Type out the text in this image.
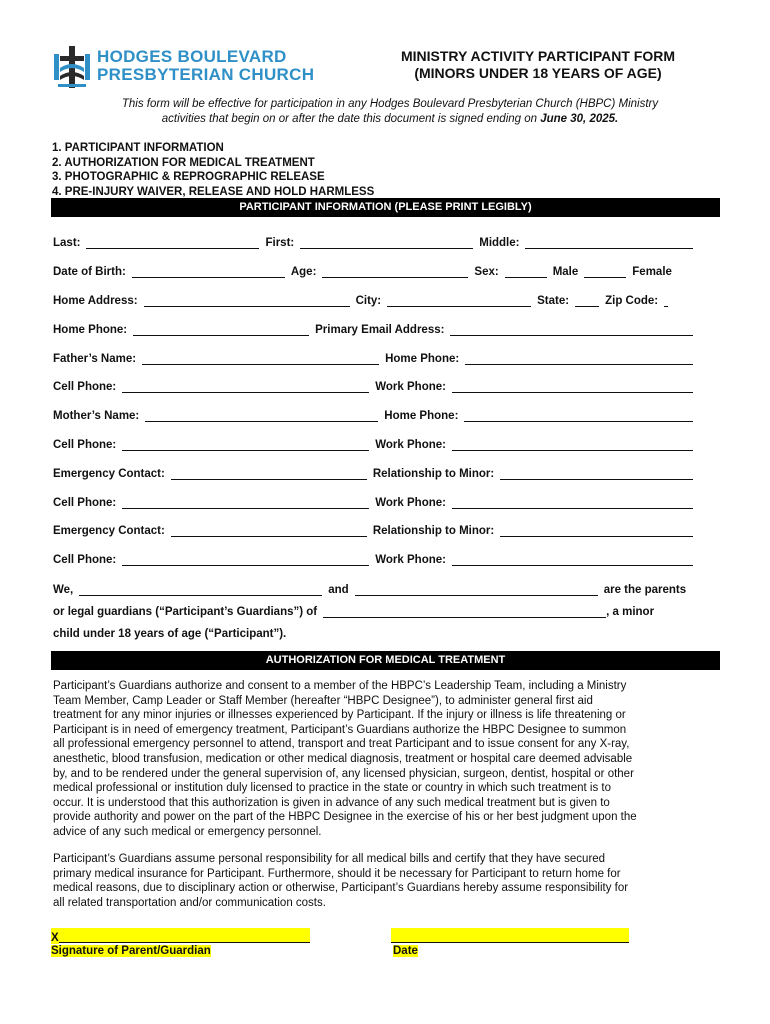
HODGES BOULEVARD
PRESBYTERIAN CHURCH
MINISTRY ACTIVITY PARTICIPANT FORM
(MINORS UNDER 18 YEARS OF AGE)
This form will be effective for participation in any Hodges Boulevard Presbyterian Church (HBPC) Ministry
activities that begin on or after the date this document is signed ending on June 30, 2025.
1. PARTICIPANT INFORMATION
2. AUTHORIZATION FOR MEDICAL TREATMENT
3. PHOTOGRAPHIC & REPROGRAPHIC RELEASE
4. PRE-INJURY WAIVER, RELEASE AND HOLD HARMLESS
PARTICIPANT INFORMATION (PLEASE PRINT LEGIBLY)
Last:	First:	Middle:
Date of Birth:	Age:	Sex:	Male	Female
Home Address:	City:	State:	Zip Code:
Home Phone:	Primary Email Address:
Father’s Name:	Home Phone:
Cell Phone:	Work Phone:
Mother’s Name:	Home Phone:
Cell Phone:	Work Phone:
Emergency Contact:	Relationship to Minor:
Cell Phone:	Work Phone:
Emergency Contact:	Relationship to Minor:
Cell Phone:	Work Phone:
We,	and	are the parents
or legal guardians (“Participant’s Guardians”) of	, a minor
child under 18 years of age (“Participant”).
AUTHORIZATION FOR MEDICAL TREATMENT
Participant’s Guardians authorize and consent to a member of the HBPC’s Leadership Team, including a Ministry
Team Member, Camp Leader or Staff Member (hereafter “HBPC Designee”), to administer general first aid
treatment for any minor injuries or illnesses experienced by Participant. If the injury or illness is life threatening or
Participant is in need of emergency treatment, Participant’s Guardians authorize the HBPC Designee to summon
all professional emergency personnel to attend, transport and treat Participant and to issue consent for any X-ray,
anesthetic, blood transfusion, medication or other medical diagnosis, treatment or hospital care deemed advisable
by, and to be rendered under the general supervision of, any licensed physician, surgeon, dentist, hospital or other
medical professional or institution duly licensed to practice in the state or country in which such treatment is to
occur. It is understood that this authorization is given in advance of any such medical treatment but is given to
provide authority and power on the part of the HBPC Designee in the exercise of his or her best judgment upon the
advice of any such medical or emergency personnel.
Participant’s Guardians assume personal responsibility for all medical bills and certify that they have secured
primary medical insurance for Participant. Furthermore, should it be necessary for Participant to return home for
medical reasons, due to disciplinary action or otherwise, Participant’s Guardians hereby assume responsibility for
all related transportation and/or communication costs.
X
Signature of Parent/Guardian	Date
